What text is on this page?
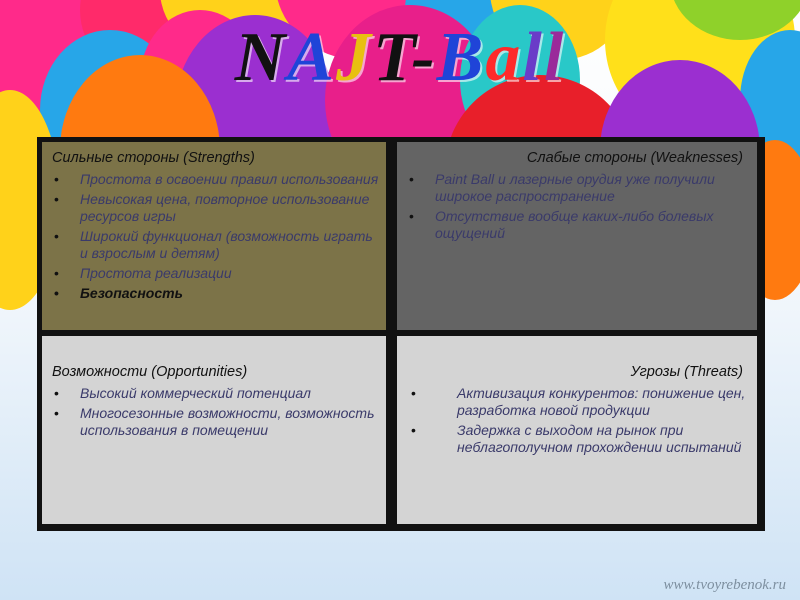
NAJT-Ball
Сильные стороны (Strengths)
• Простота в освоении правил использования
• Невысокая цена, повторное использование ресурсов игры
• Широкий функционал (возможность играть и взрослым и детям)
• Простота реализации
• Безопасность
Слабые стороны (Weaknesses)
• Paint Ball и лазерные орудия уже получили широкое распространение
• Отсутствие вообще каких-либо болевых ощущений
Возможности (Opportunities)
• Высокий коммерческий потенциал
• Многосезонные возможности, возможность использования в помещении
Угрозы (Threats)
• Активизация конкурентов: понижение цен, разработка новой продукции
• Задержка с выходом на рынок при неблагополучном прохождении испытаний
www.tvoyrebenok.ru
